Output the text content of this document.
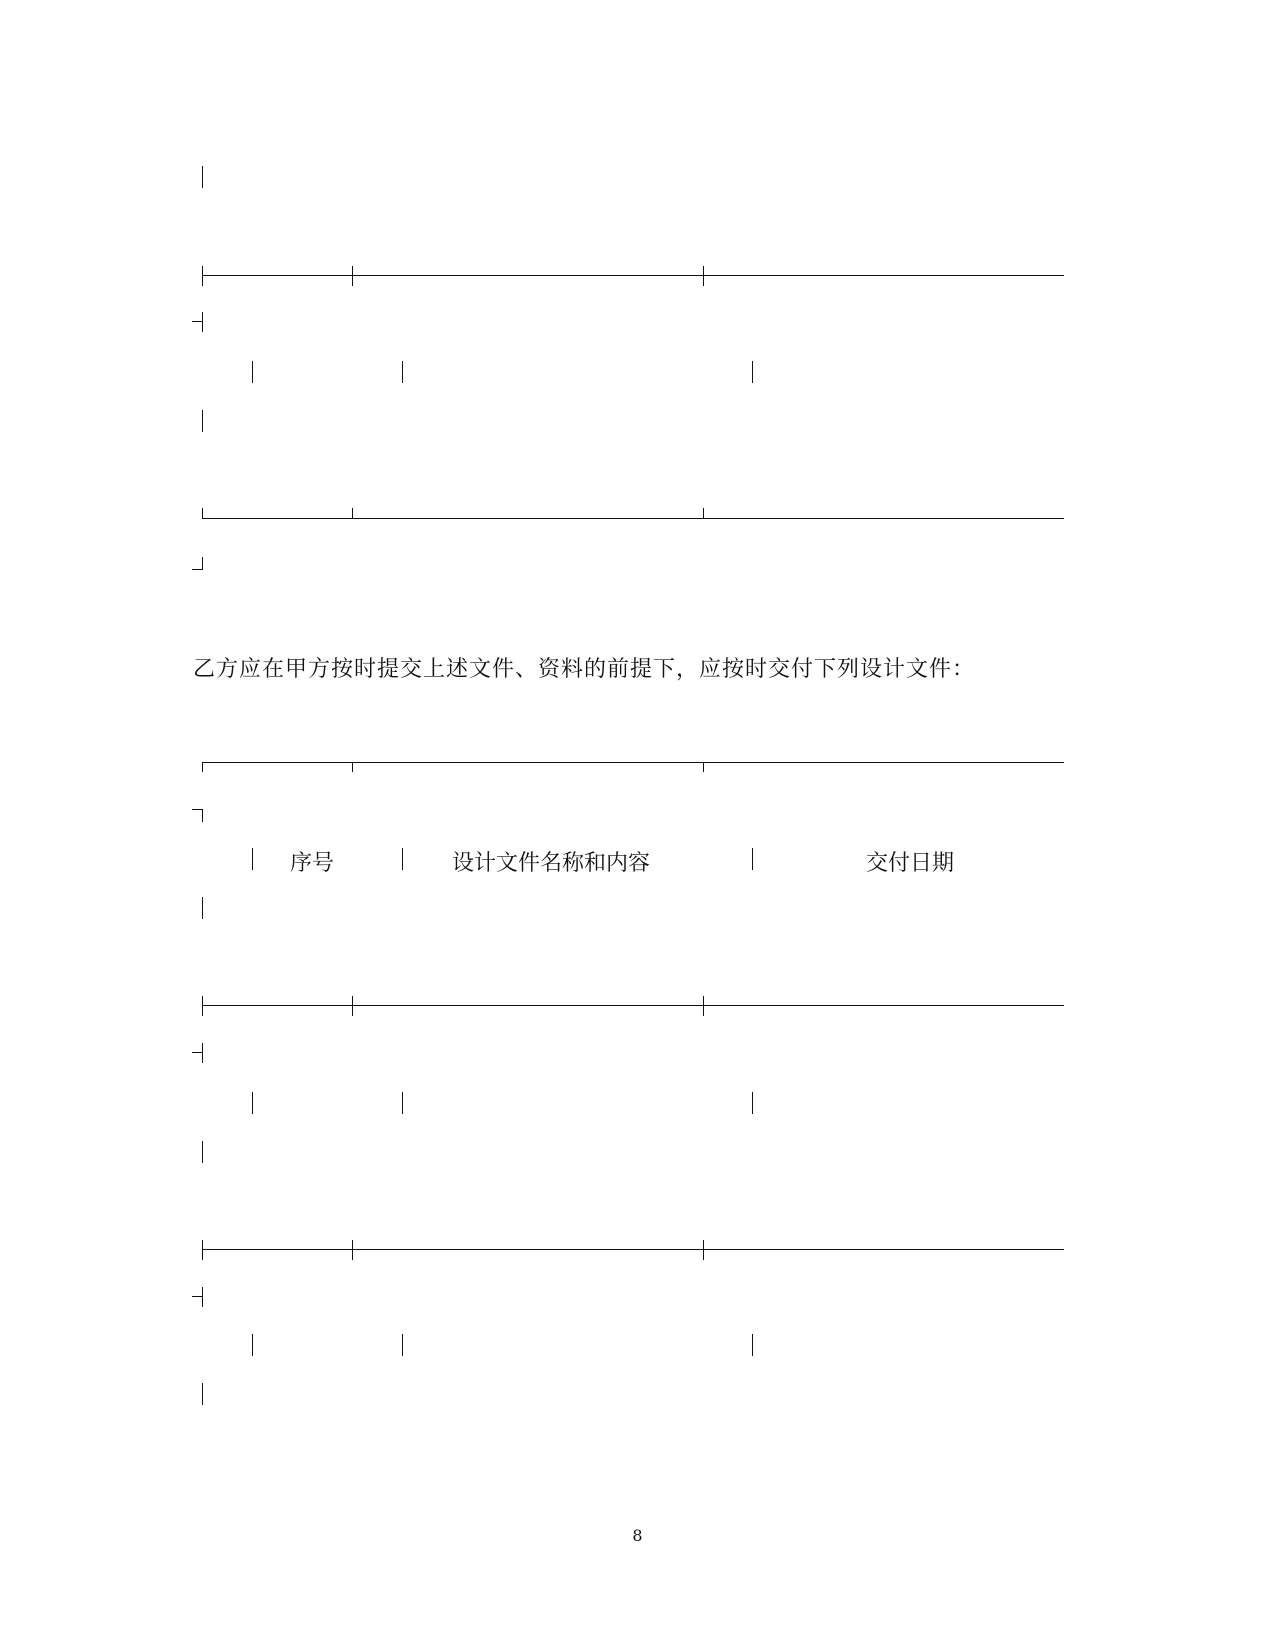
乙方应在甲方按时提交上述文件、资料的前提下，应按时交付下列设计文件：
序号	设计文件名称和内容	交付日期
8
